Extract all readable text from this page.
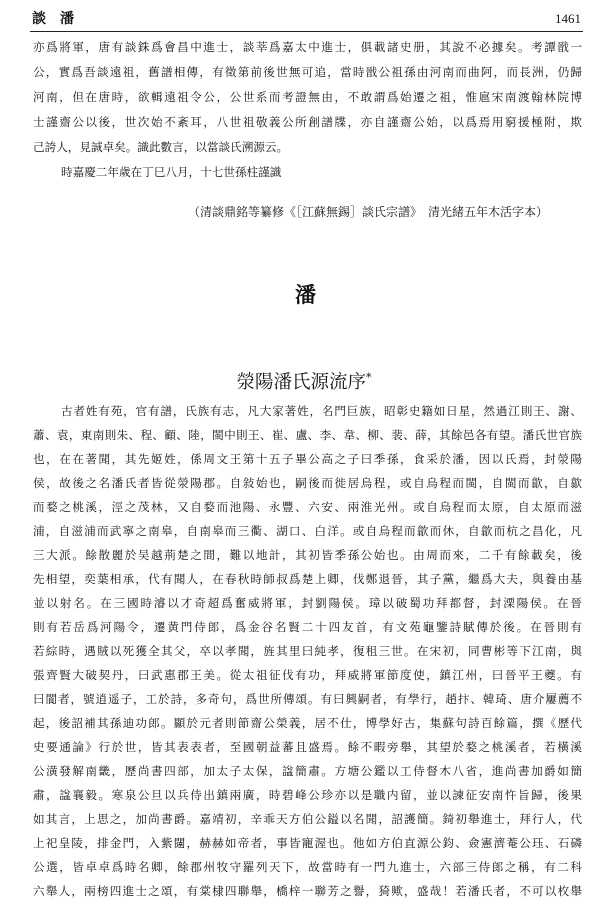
談　潘	1461
亦爲將軍，唐有談銖爲會昌中進士，談莘爲嘉太中進士，俱載諸史册，其說不必據矣。考譚戩一
公，實爲吾談遠祖，舊譜相傳，有徵第前後世無可追，當時戩公祖孫由河南而曲阿，而長洲，仍歸
河南，但在唐時，欲輯遠祖令公，公世系而考證無由，不敢謂爲始遷之祖，惟扈宋南渡翰林院博
士謹齋公以後，世次始不紊耳，八世祖敬義公所創譜牒，亦自謹齋公始，以爲焉用窮援極附，欺
己誇人，見誠卓矣。識此數言，以當談氏溯源云。
時嘉慶二年歲在丁巳八月，十七世孫柱謹識
（清談鼎銘等纂修《［江蘇無錫］談氏宗譜》　清光緒五年木活字本）
潘
滎陽潘氏源流序*
古者姓有苑，官有譜，氏族有志，凡大家著姓，名門巨族，昭彰史籍如日星，然過江則王、謝、
蕭、袁，東南則朱、程、顧、陸，閩中則王、崔、盧、李、韋、柳、裴、薛，其餘邑各有望。潘氏世官族
也，在在著聞，其先姬姓，係周文王第十五子畢公高之子曰季孫，食采於潘，因以氏焉，封滎陽
侯，故後之名潘氏者皆從滎陽郡。自敍始也，嗣後而徙居烏程，或自烏程而閩，自閩而歙，自歙
而婺之桃溪，涇之茂林，又自婺而池陽、永豐、六安、兩淮光州。或自烏程而太原，自太原而滋
浦，自滋浦而武寧之南皋，自南皋而三衢、湖口、白洋。或自烏程而歙而休，自歙而杭之昌化，凡
三大派。餘散麗於吴越荊楚之間，難以地計，其初皆季孫公始也。由周而來，二千有餘載矣，後
先相望，奕葉相承，代有聞人，在春秋時師叔爲楚上卿，伐鄭退晉，其子黨，繼爲大夫，與養由基
並以射名。在三國時濬以才奇超爲奮威將軍，封劉陽侯。璋以破蜀功拜都督，封溧陽侯。在晉
則有若岳爲河陽令，遷黄門侍郎，爲金谷名賢二十四友首，有文苑龜鑒詩賦傳於後。在晉則有
若綜時，遇賊以死獲全其父，卒以孝聞，旌其里曰純孝，復租三世。在宋初，同曹彬等下江南，與
張齊賢大破契丹，曰武惠郡王美。從太祖征伐有功，拜威將軍節度使，鎮江州，曰晉平王夔。有
曰閬者，號逍遥子，工於詩，多奇句，爲世所傳頌。有曰興嗣者，有學行，趙抃、韓琦、唐介屢薦不
起，後詔補其孫迪功郎。顯於元者則節齋公榮義，居不仕，博學好古，集蘇句詩百餘篇，撰《歷代
史要通論》行於世，皆其表表者，至國朝益蕃且盛焉。餘不暇旁舉，其望於婺之桃溪者，若橫溪
公潢發解南畿，歷尚書四部，加太子太保，諡簡肅。方塘公鑑以工侍督木八省，進尚書加爵如簡
肅，諡襄毅。寒泉公旦以兵侍出鎮兩廣，時碧峰公珍亦以是職内留，並以諫征安南忤旨歸，後果
如其言，上思之，加尚書爵。嘉靖初，辛乖天方伯公鎰以名聞，詔護簡。錡初舉進士，拜行人，代
上祀皇陵，排金門，入紫闥，赫赫如帝者，事皆寵渥也。他如方伯直源公鈞、僉憲濟菴公珏、石磷
公選，皆卓卓爲時名卿，餘郡州牧守羅列天下，故當時有一門九進士，六部三侍郎之稱，有二科
六舉人，兩榜四進士之頌，有棠棣四聯舉，橋梓一聯芳之譽，猗歟，盛哉！若潘氏者，不可以枚舉
